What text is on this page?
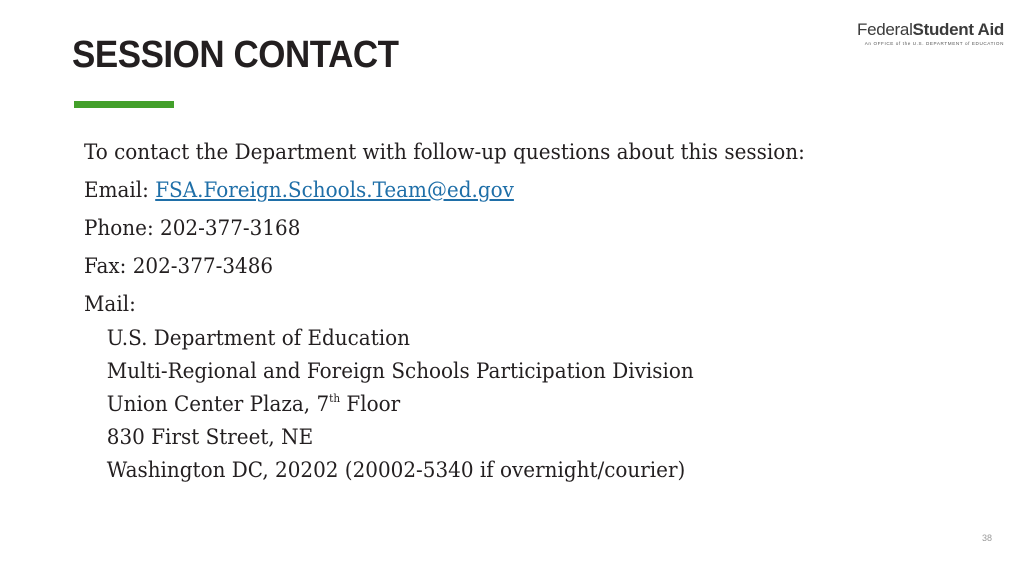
SESSION CONTACT
FederalStudent Aid
An OFFICE of the U.S. DEPARTMENT of EDUCATION

To contact the Department with follow-up questions about this session:

Email: FSA.Foreign.Schools.Team@ed.gov

Phone: 202-377-3168

Fax: 202-377-3486

Mail:

U.S. Department of Education
Multi-Regional and Foreign Schools Participation Division
Union Center Plaza, 7th Floor
830 First Street, NE
Washington DC, 20202 (20002-5340 if overnight/courier)
38
